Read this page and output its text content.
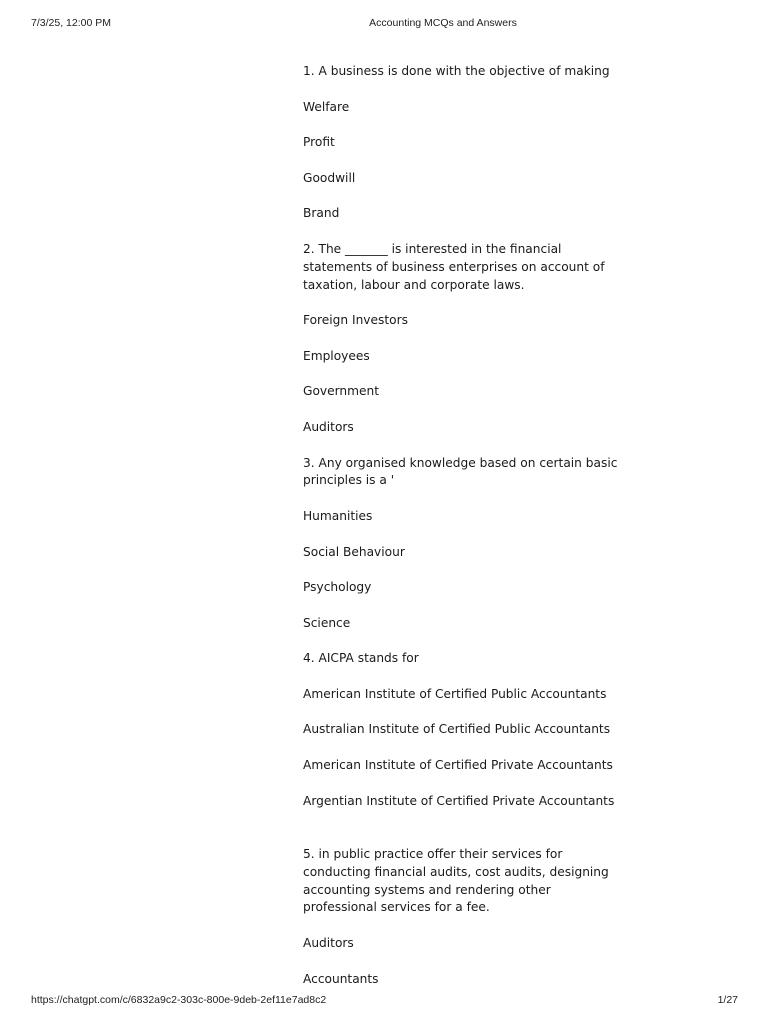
7/3/25, 12:00 PM	Accounting MCQs and Answers

1. A business is done with the objective of making

Welfare

Profit

Goodwill

Brand

2. The _______ is interested in the financial statements of business enterprises on account of taxation, labour and corporate laws.

Foreign Investors

Employees

Government

Auditors

3. Any organised knowledge based on certain basic principles is a '

Humanities

Social Behaviour

Psychology

Science

4. AICPA stands for

American Institute of Certified Public Accountants

Australian Institute of Certified Public Accountants

American Institute of Certified Private Accountants

Argentian Institute of Certified Private Accountants

5. in public practice offer their services for conducting financial audits, cost audits, designing accounting systems and rendering other professional services for a fee.

Auditors

Accountants

https://chatgpt.com/c/6832a9c2-303c-800e-9deb-2ef11e7ad8c2	1/27
